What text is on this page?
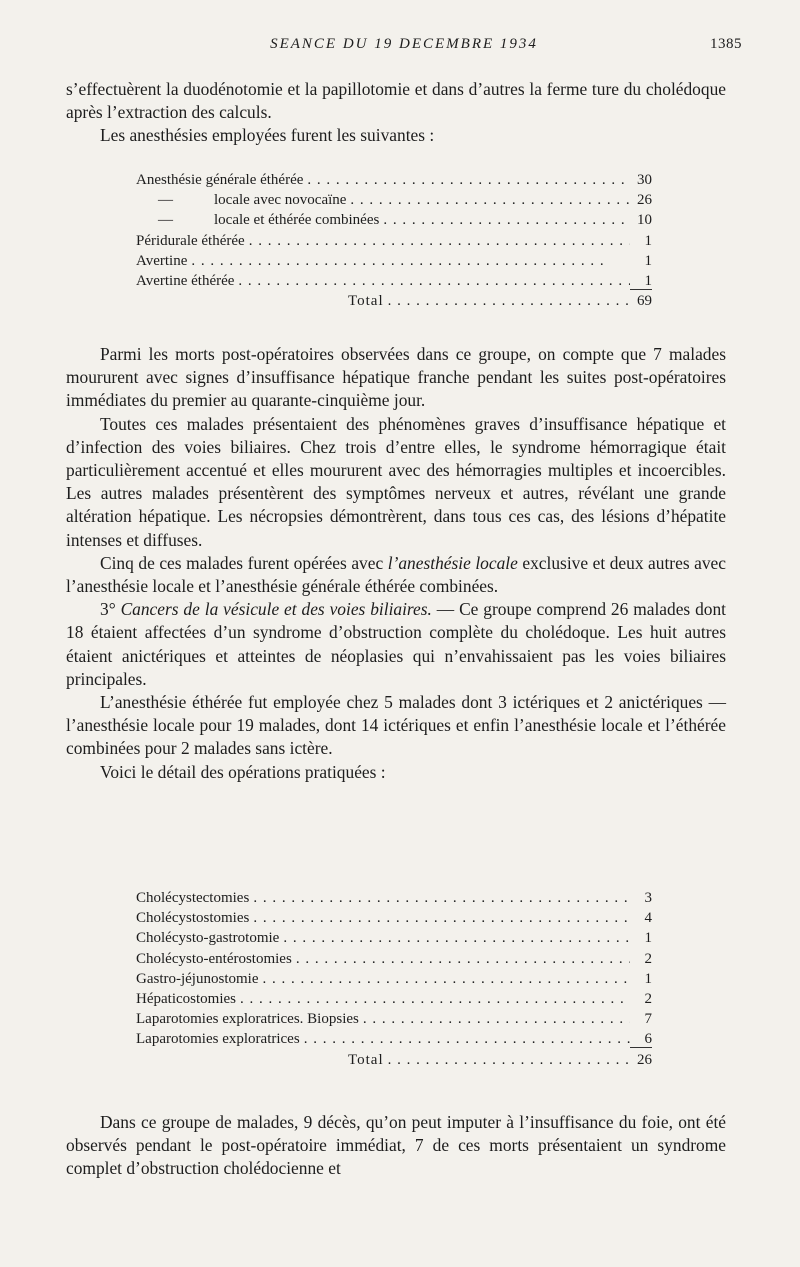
SEANCE DU 19 DECEMBRE 1934	1385

s’effectuèrent la duodénotomie et la papillotomie et dans d’autres la ferme ture du cholédoque après l’extraction des calculs.

Les anesthésies employées furent les suivantes :

Anesthésie générale éthérée . . .	30
—	locale avec novocaïne . . .	26
—	locale et éthérée combinées . . .	10
Péridurale éthérée . . .	1
Avertine . . .	1
Avertine éthérée . . .	1
Total . . .	69

Parmi les morts post-opératoires observées dans ce groupe, on compte que 7 malades moururent avec signes d’insuffisance hépatique franche pendant les suites post-opératoires immédiates du premier au quarante-cinquième jour.

Toutes ces malades présentaient des phénomènes graves d’insuffisance hépatique et d’infection des voies biliaires. Chez trois d’entre elles, le syndrome hémorragique était particulièrement accentué et elles moururent avec des hémorragies multiples et incoercibles. Les autres malades présentèrent des symptômes nerveux et autres, révélant une grande altération hépatique. Les nécropsies démontrèrent, dans tous ces cas, des lésions d’hépatite intenses et diffuses.

Cinq de ces malades furent opérées avec l’anesthésie locale exclusive et deux autres avec l’anesthésie locale et l’anesthésie générale éthérée combinées.

3° Cancers de la vésicule et des voies biliaires. — Ce groupe comprend 26 malades dont 18 étaient affectées d’un syndrome d’obstruction complète du cholédoque. Les huit autres étaient anictériques et atteintes de néoplasies qui n’envahissaient pas les voies biliaires principales.

L’anesthésie éthérée fut employée chez 5 malades dont 3 ictériques et 2 anictériques — l’anesthésie locale pour 19 malades, dont 14 ictériques et enfin l’anesthésie locale et l’éthérée combinées pour 2 malades sans ictère.

Voici le détail des opérations pratiquées :

Cholécystectomies . . .	3
Cholécystostomies . . .	4
Cholécysto-gastrotomie . . .	1
Cholécysto-entérostomies . . .	2
Gastro-jéjunostomie . . .	1
Hépaticostomies . . .	2
Laparotomies exploratrices. Biopsies . . .	7
Laparotomies exploratrices . . .	6
Total . . .	26

Dans ce groupe de malades, 9 décès, qu’on peut imputer à l’insuffisance du foie, ont été observés pendant le post-opératoire immédiat, 7 de ces morts présentaient un syndrome complet d’obstruction cholédocienne et
